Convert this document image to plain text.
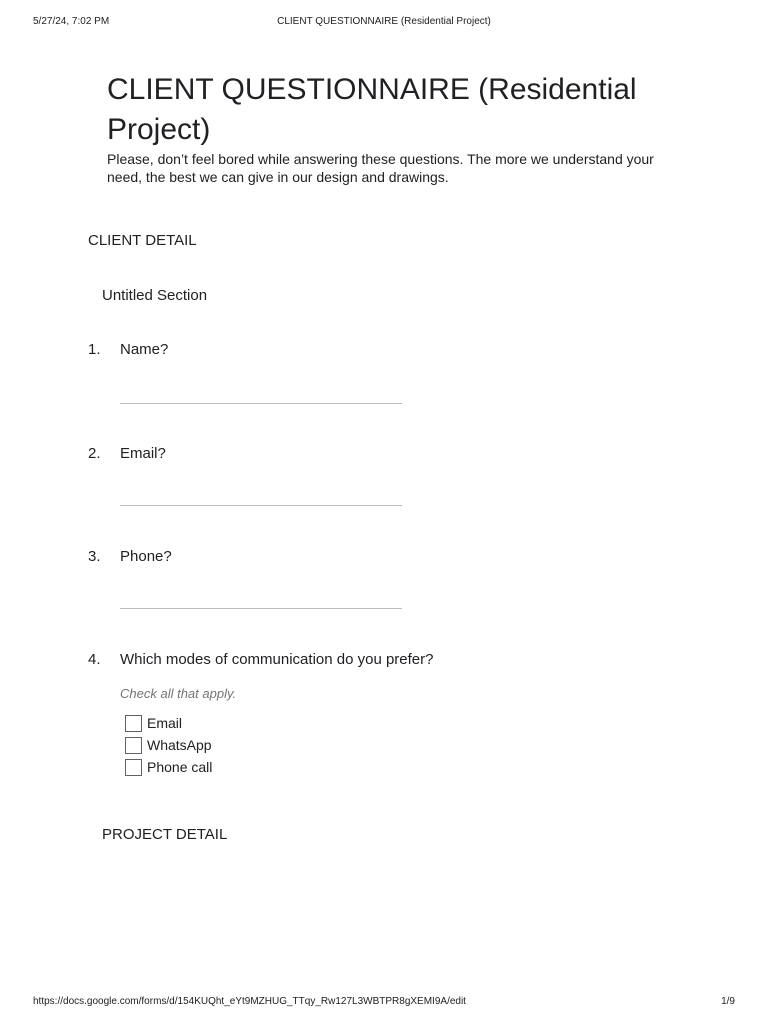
5/27/24, 7:02 PM	CLIENT QUESTIONNAIRE (Residential Project)
CLIENT QUESTIONNAIRE (Residential Project)

Please, don’t feel bored while answering these questions. The more we understand your need, the best we can give in our design and drawings.

CLIENT DETAIL
Untitled Section
1. Name?
2. Email?
3. Phone?
4. Which modes of communication do you prefer?
Check all that apply.
Email
WhatsApp
Phone call
PROJECT DETAIL
https://docs.google.com/forms/d/154KUQht_eYt9MZHUG_TTqy_Rw127L3WBTPR8gXEMI9A/edit	1/9
